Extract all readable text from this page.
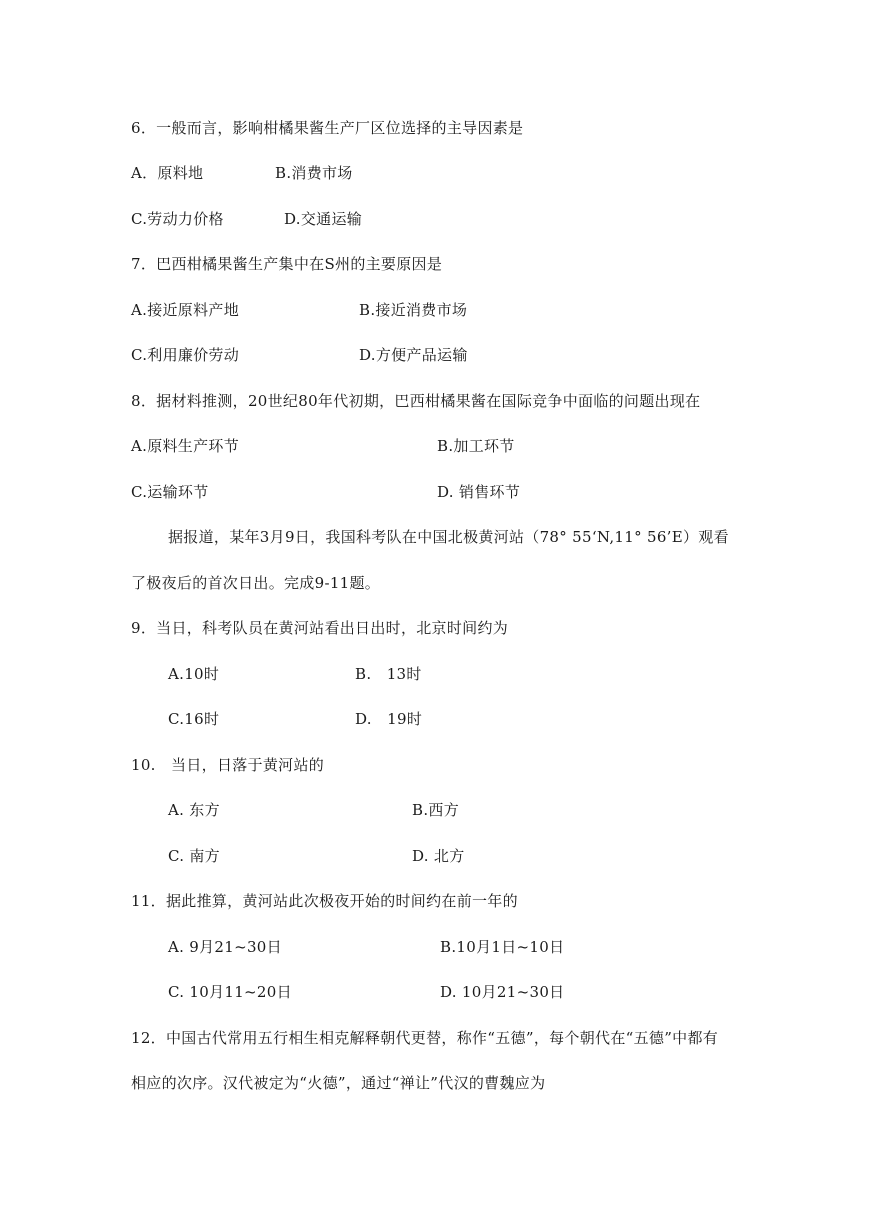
6．一般而言，影响柑橘果酱生产厂区位选择的主导因素是
A．原料地	B.消费市场
C.劳动力价格	D.交通运输
7．巴西柑橘果酱生产集中在S州的主要原因是
A.接近原料产地	B.接近消费市场
C.利用廉价劳动	D.方便产品运输
8．据材料推测，20世纪80年代初期，巴西柑橘果酱在国际竞争中面临的问题出现在
A.原料生产环节	B.加工环节
C.运输环节	D. 销售环节
据报道，某年3月9日，我国科考队在中国北极黄河站（78° 55‘N,11° 56’E）观看
了极夜后的首次日出。完成9-11题。
9．当日，科考队员在黄河站看出日出时，北京时间约为
A.10时	B.　13时
C.16时	D.　19时
10.　当日，日落于黄河站的
A. 东方	B.西方
C. 南方	D. 北方
11．据此推算，黄河站此次极夜开始的时间约在前一年的
A. 9月21~30日	B.10月1日~10日
C. 10月11~20日	D. 10月21~30日
12．中国古代常用五行相生相克解释朝代更替，称作“五德”，每个朝代在“五德”中都有
相应的次序。汉代被定为“火德”，通过“禅让”代汉的曹魏应为
